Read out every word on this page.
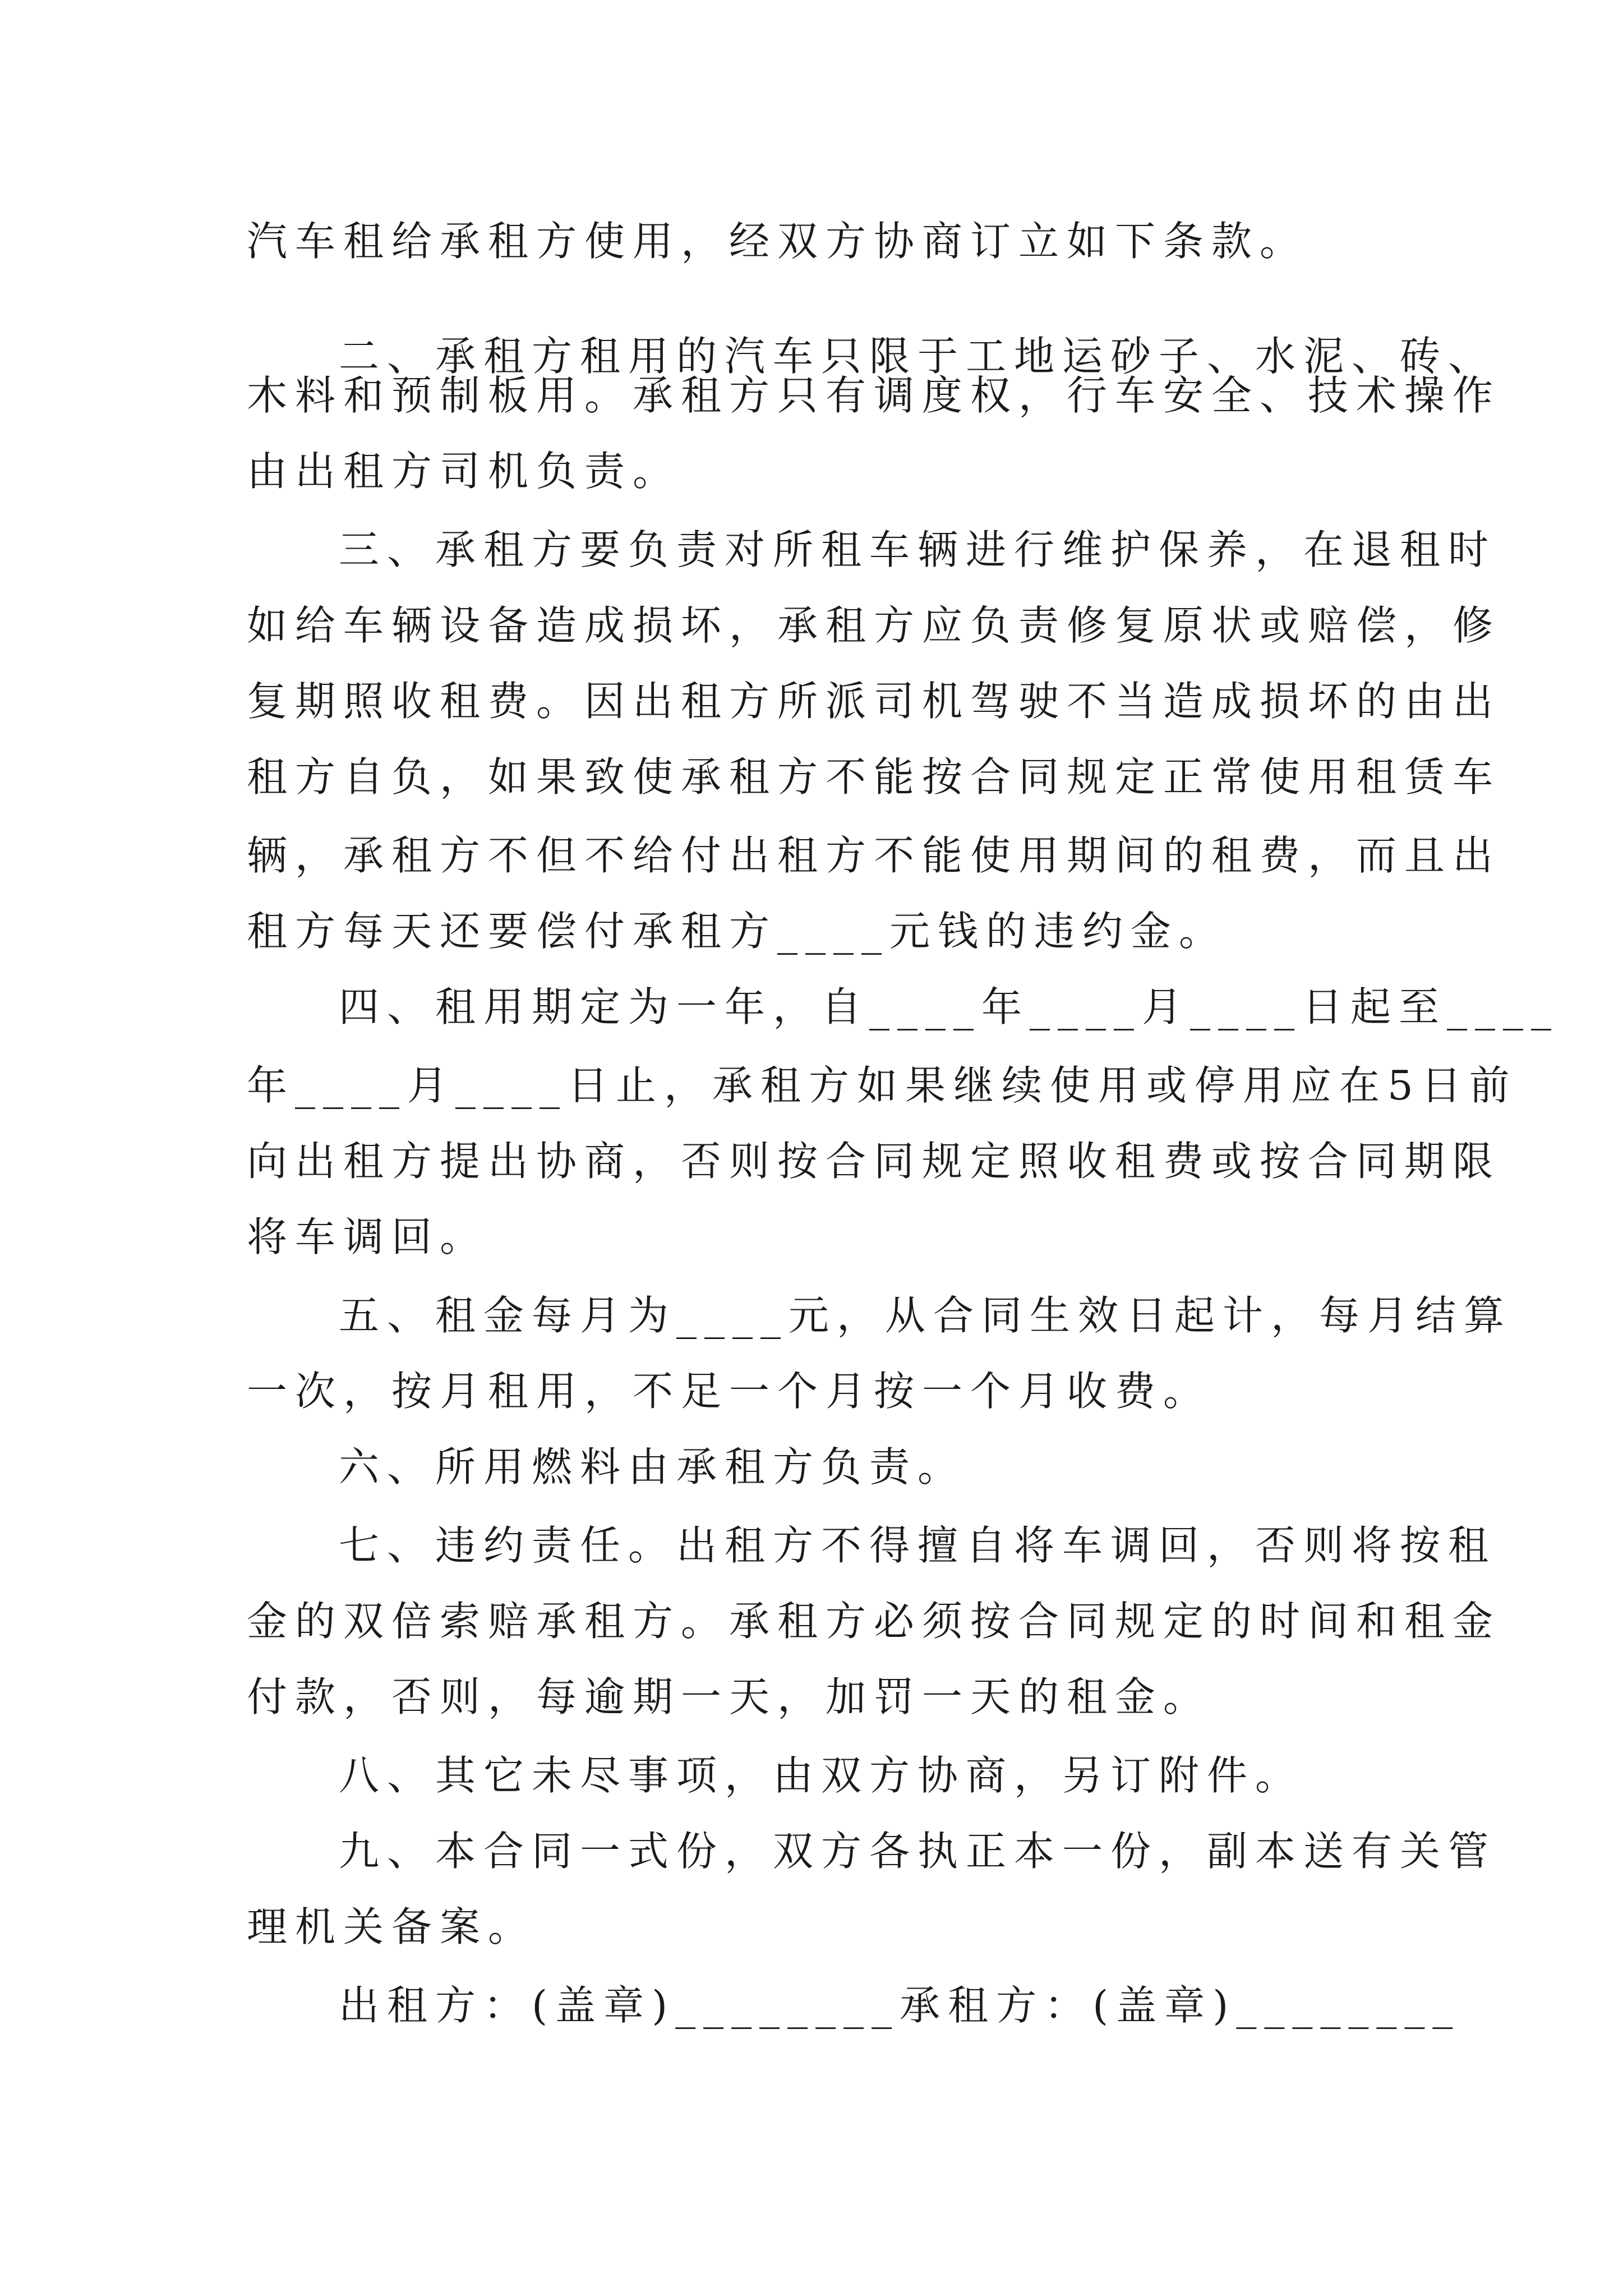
汽车租给承租方使用，经双方协商订立如下条款。
二、承租方租用的汽车只限于工地运砂子、水泥、砖、
木料和预制板用。承租方只有调度权，行车安全、技术操作
由出租方司机负责。
三、承租方要负责对所租车辆进行维护保养，在退租时
如给车辆设备造成损坏，承租方应负责修复原状或赔偿，修
复期照收租费。因出租方所派司机驾驶不当造成损坏的由出
租方自负，如果致使承租方不能按合同规定正常使用租赁车
辆，承租方不但不给付出租方不能使用期间的租费，而且出
租方每天还要偿付承租方____元钱的违约金。
四、租用期定为一年，自____年____月____日起至____
年____月____日止，承租方如果继续使用或停用应在5日前
向出租方提出协商，否则按合同规定照收租费或按合同期限
将车调回。
五、租金每月为____元，从合同生效日起计，每月结算
一次，按月租用，不足一个月按一个月收费。
六、所用燃料由承租方负责。
七、违约责任。出租方不得擅自将车调回，否则将按租
金的双倍索赔承租方。承租方必须按合同规定的时间和租金
付款，否则，每逾期一天，加罚一天的租金。
八、其它未尽事项，由双方协商，另订附件。
九、本合同一式份，双方各执正本一份，副本送有关管
理机关备案。
出租方：(盖章)________承租方：(盖章)________
